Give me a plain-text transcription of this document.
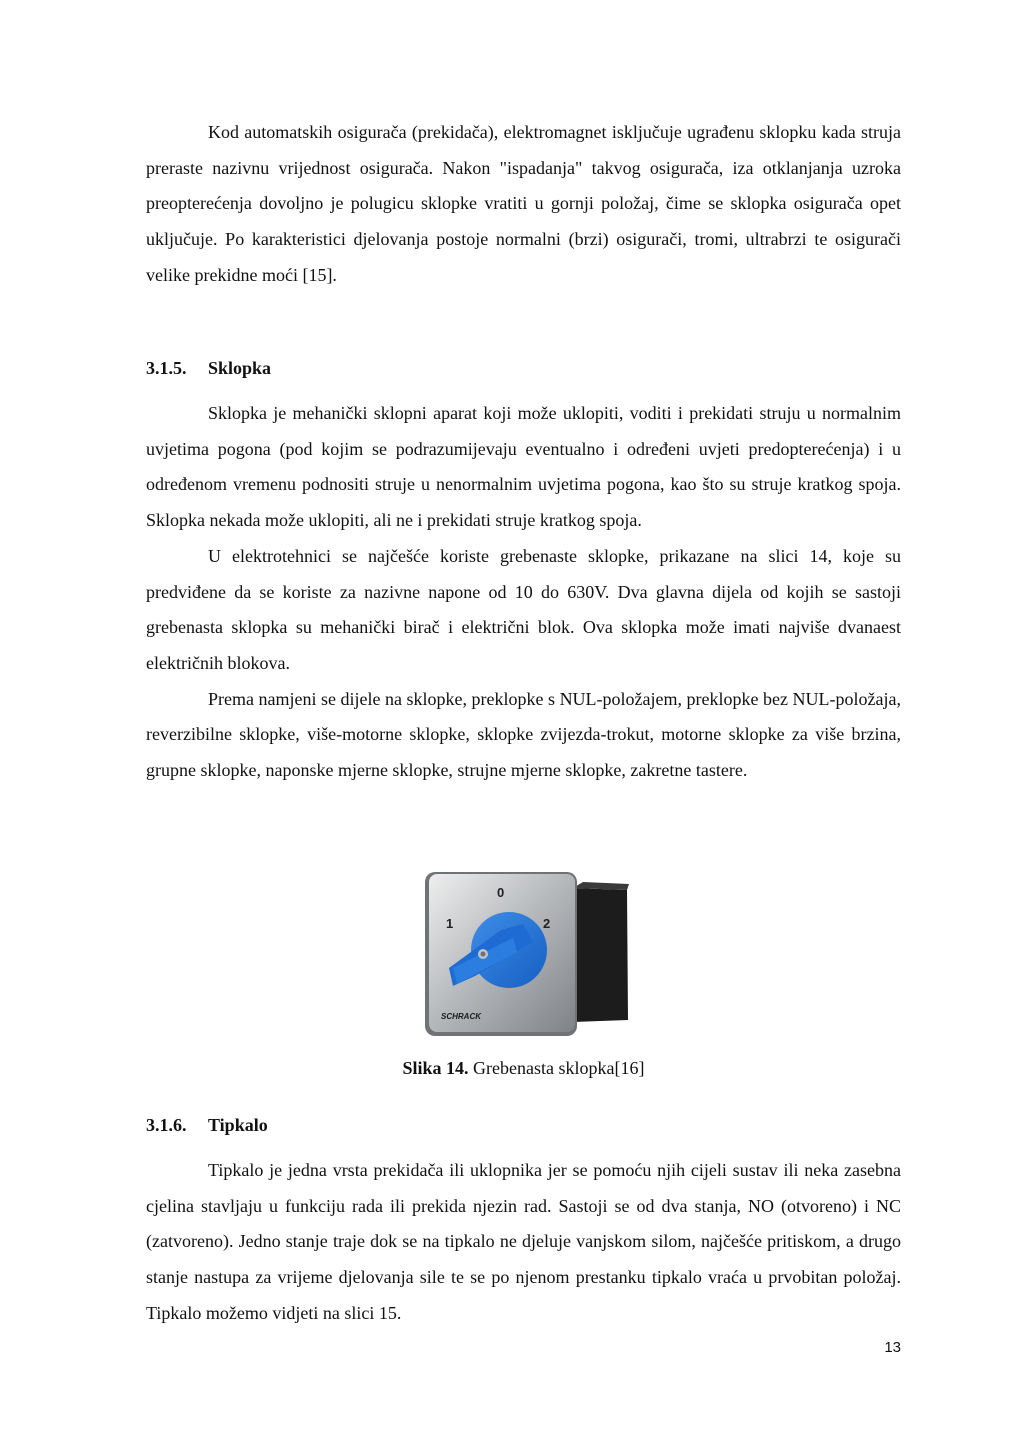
Kod automatskih osigurača (prekidača), elektromagnet isključuje ugrađenu sklopku kada struja preraste nazivnu vrijednost osigurača. Nakon "ispadanja" takvog osigurača, iza otklanjanja uzroka preopterećenja dovoljno je polugicu sklopke vratiti u gornji položaj, čime se sklopka osigurača opet uključuje. Po karakteristici djelovanja postoje normalni (brzi) osigurači, tromi, ultrabrzi te osigurači velike prekidne moći [15].

3.1.5. Sklopka

Sklopka je mehanički sklopni aparat koji može uklopiti, voditi i prekidati struju u normalnim uvjetima pogona (pod kojim se podrazumijevaju eventualno i određeni uvjeti predopterećenja) i u određenom vremenu podnositi struje u nenormalnim uvjetima pogona, kao što su struje kratkog spoja. Sklopka nekada može uklopiti, ali ne i prekidati struje kratkog spoja.

U elektrotehnici se najčešće koriste grebenaste sklopke, prikazane na slici 14, koje su predviđene da se koriste za nazivne napone od 10 do 630V. Dva glavna dijela od kojih se sastoji grebenasta sklopka su mehanički birač i električni blok. Ova sklopka može imati najviše dvanaest električnih blokova.

Prema namjeni se dijele na sklopke, preklopke s NUL-položajem, preklopke bez NUL-položaja, reverzibilne sklopke, više-motorne sklopke, sklopke zvijezda-trokut, motorne sklopke za više brzina, grupne sklopke, naponske mjerne sklopke, strujne mjerne sklopke, zakretne tastere.

0
1	2
SCHRACK

Slika 14. Grebenasta sklopka[16]

3.1.6. Tipkalo

Tipkalo je jedna vrsta prekidača ili uklopnika jer se pomoću njih cijeli sustav ili neka zasebna cjelina stavljaju u funkciju rada ili prekida njezin rad. Sastoji se od dva stanja, NO (otvoreno) i NC (zatvoreno). Jedno stanje traje dok se na tipkalo ne djeluje vanjskom silom, najčešće pritiskom, a drugo stanje nastupa za vrijeme djelovanja sile te se po njenom prestanku tipkalo vraća u prvobitan položaj. Tipkalo možemo vidjeti na slici 15.

13
